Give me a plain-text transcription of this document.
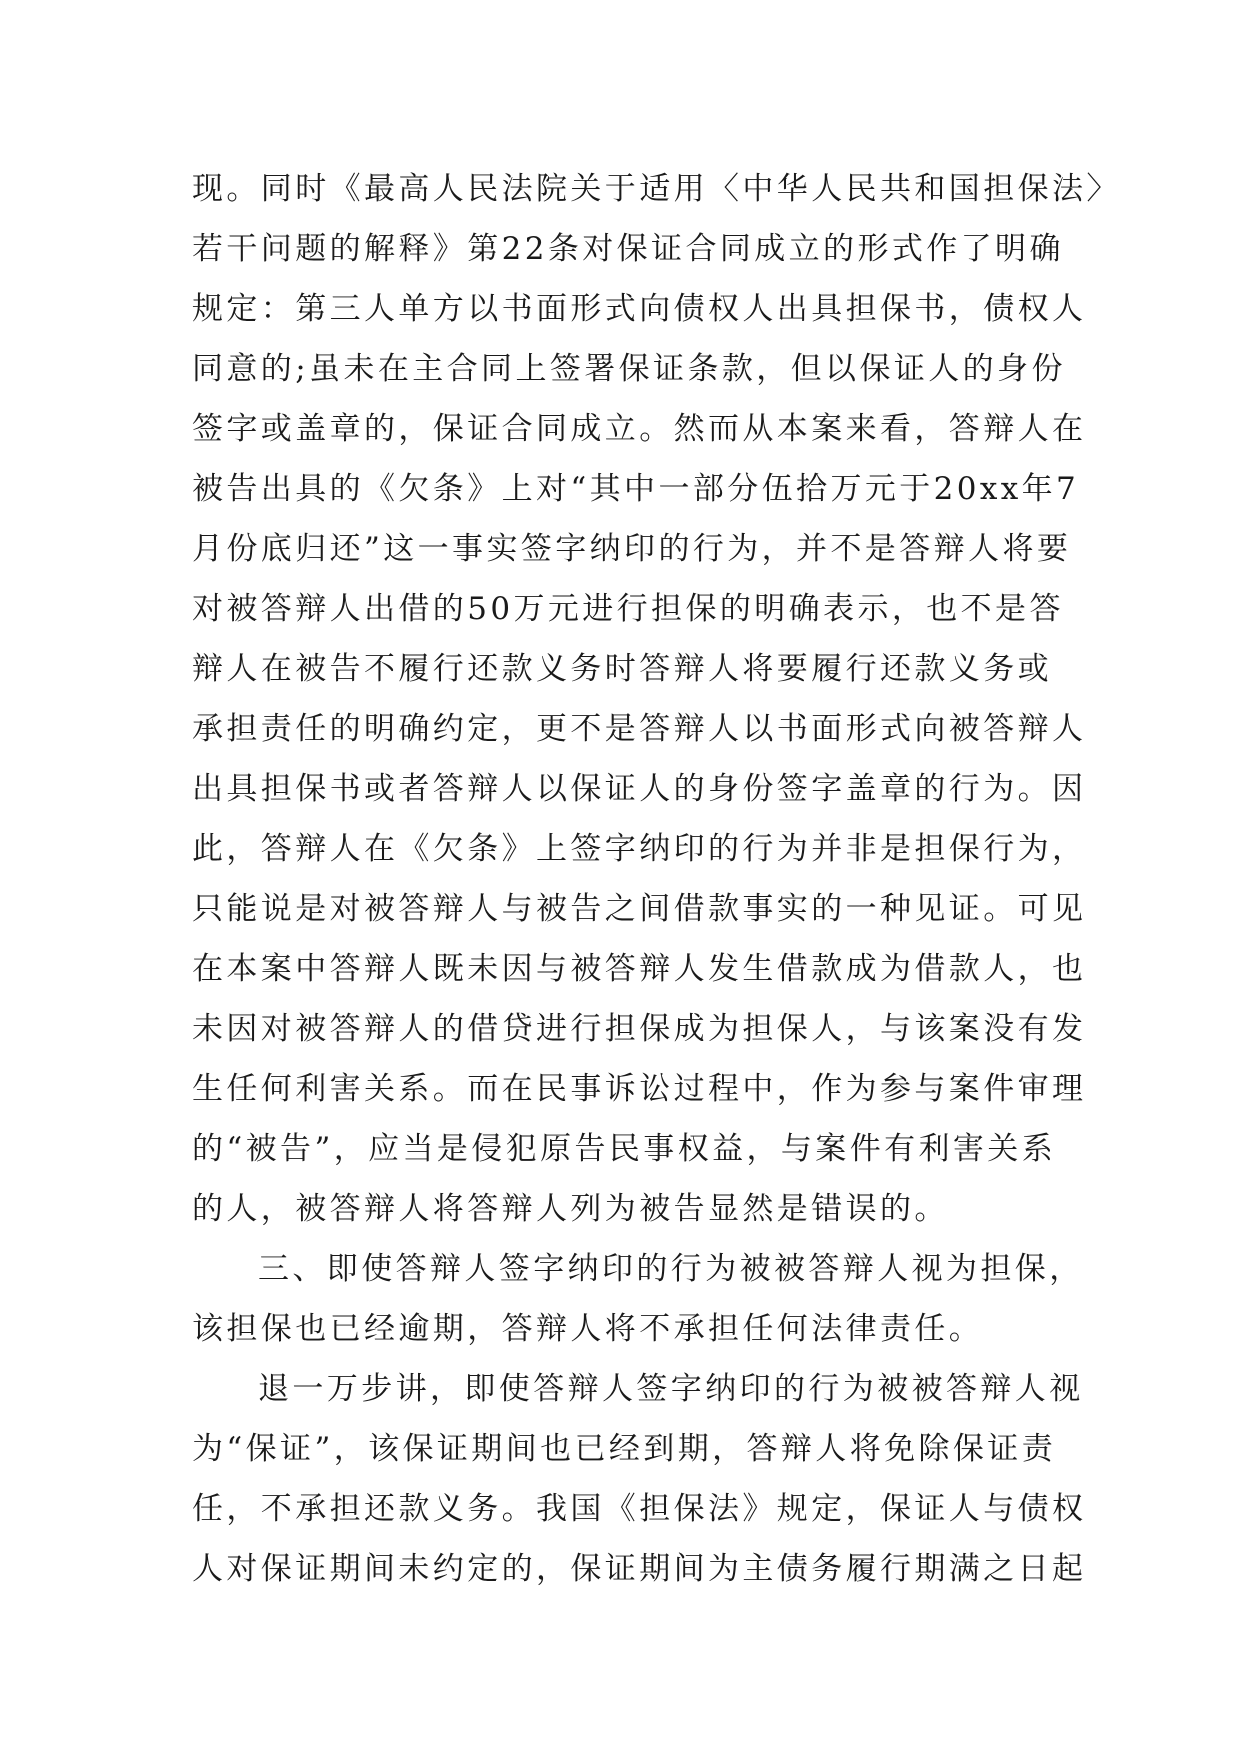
现。同时《最高人民法院关于适用〈中华人民共和国担保法〉
若干问题的解释》第22条对保证合同成立的形式作了明确
规定：第三人单方以书面形式向债权人出具担保书，债权人
同意的;虽未在主合同上签署保证条款，但以保证人的身份
签字或盖章的，保证合同成立。然而从本案来看，答辩人在
被告出具的《欠条》上对“其中一部分伍拾万元于20xx年7
月份底归还”这一事实签字纳印的行为，并不是答辩人将要
对被答辩人出借的50万元进行担保的明确表示，也不是答
辩人在被告不履行还款义务时答辩人将要履行还款义务或
承担责任的明确约定，更不是答辩人以书面形式向被答辩人
出具担保书或者答辩人以保证人的身份签字盖章的行为。因
此，答辩人在《欠条》上签字纳印的行为并非是担保行为，
只能说是对被答辩人与被告之间借款事实的一种见证。可见
在本案中答辩人既未因与被答辩人发生借款成为借款人，也
未因对被答辩人的借贷进行担保成为担保人，与该案没有发
生任何利害关系。而在民事诉讼过程中，作为参与案件审理
的“被告”，应当是侵犯原告民事权益，与案件有利害关系
的人，被答辩人将答辩人列为被告显然是错误的。
三、即使答辩人签字纳印的行为被被答辩人视为担保，
该担保也已经逾期，答辩人将不承担任何法律责任。
退一万步讲，即使答辩人签字纳印的行为被被答辩人视
为“保证”，该保证期间也已经到期，答辩人将免除保证责
任，不承担还款义务。我国《担保法》规定，保证人与债权
人对保证期间未约定的，保证期间为主债务履行期满之日起
